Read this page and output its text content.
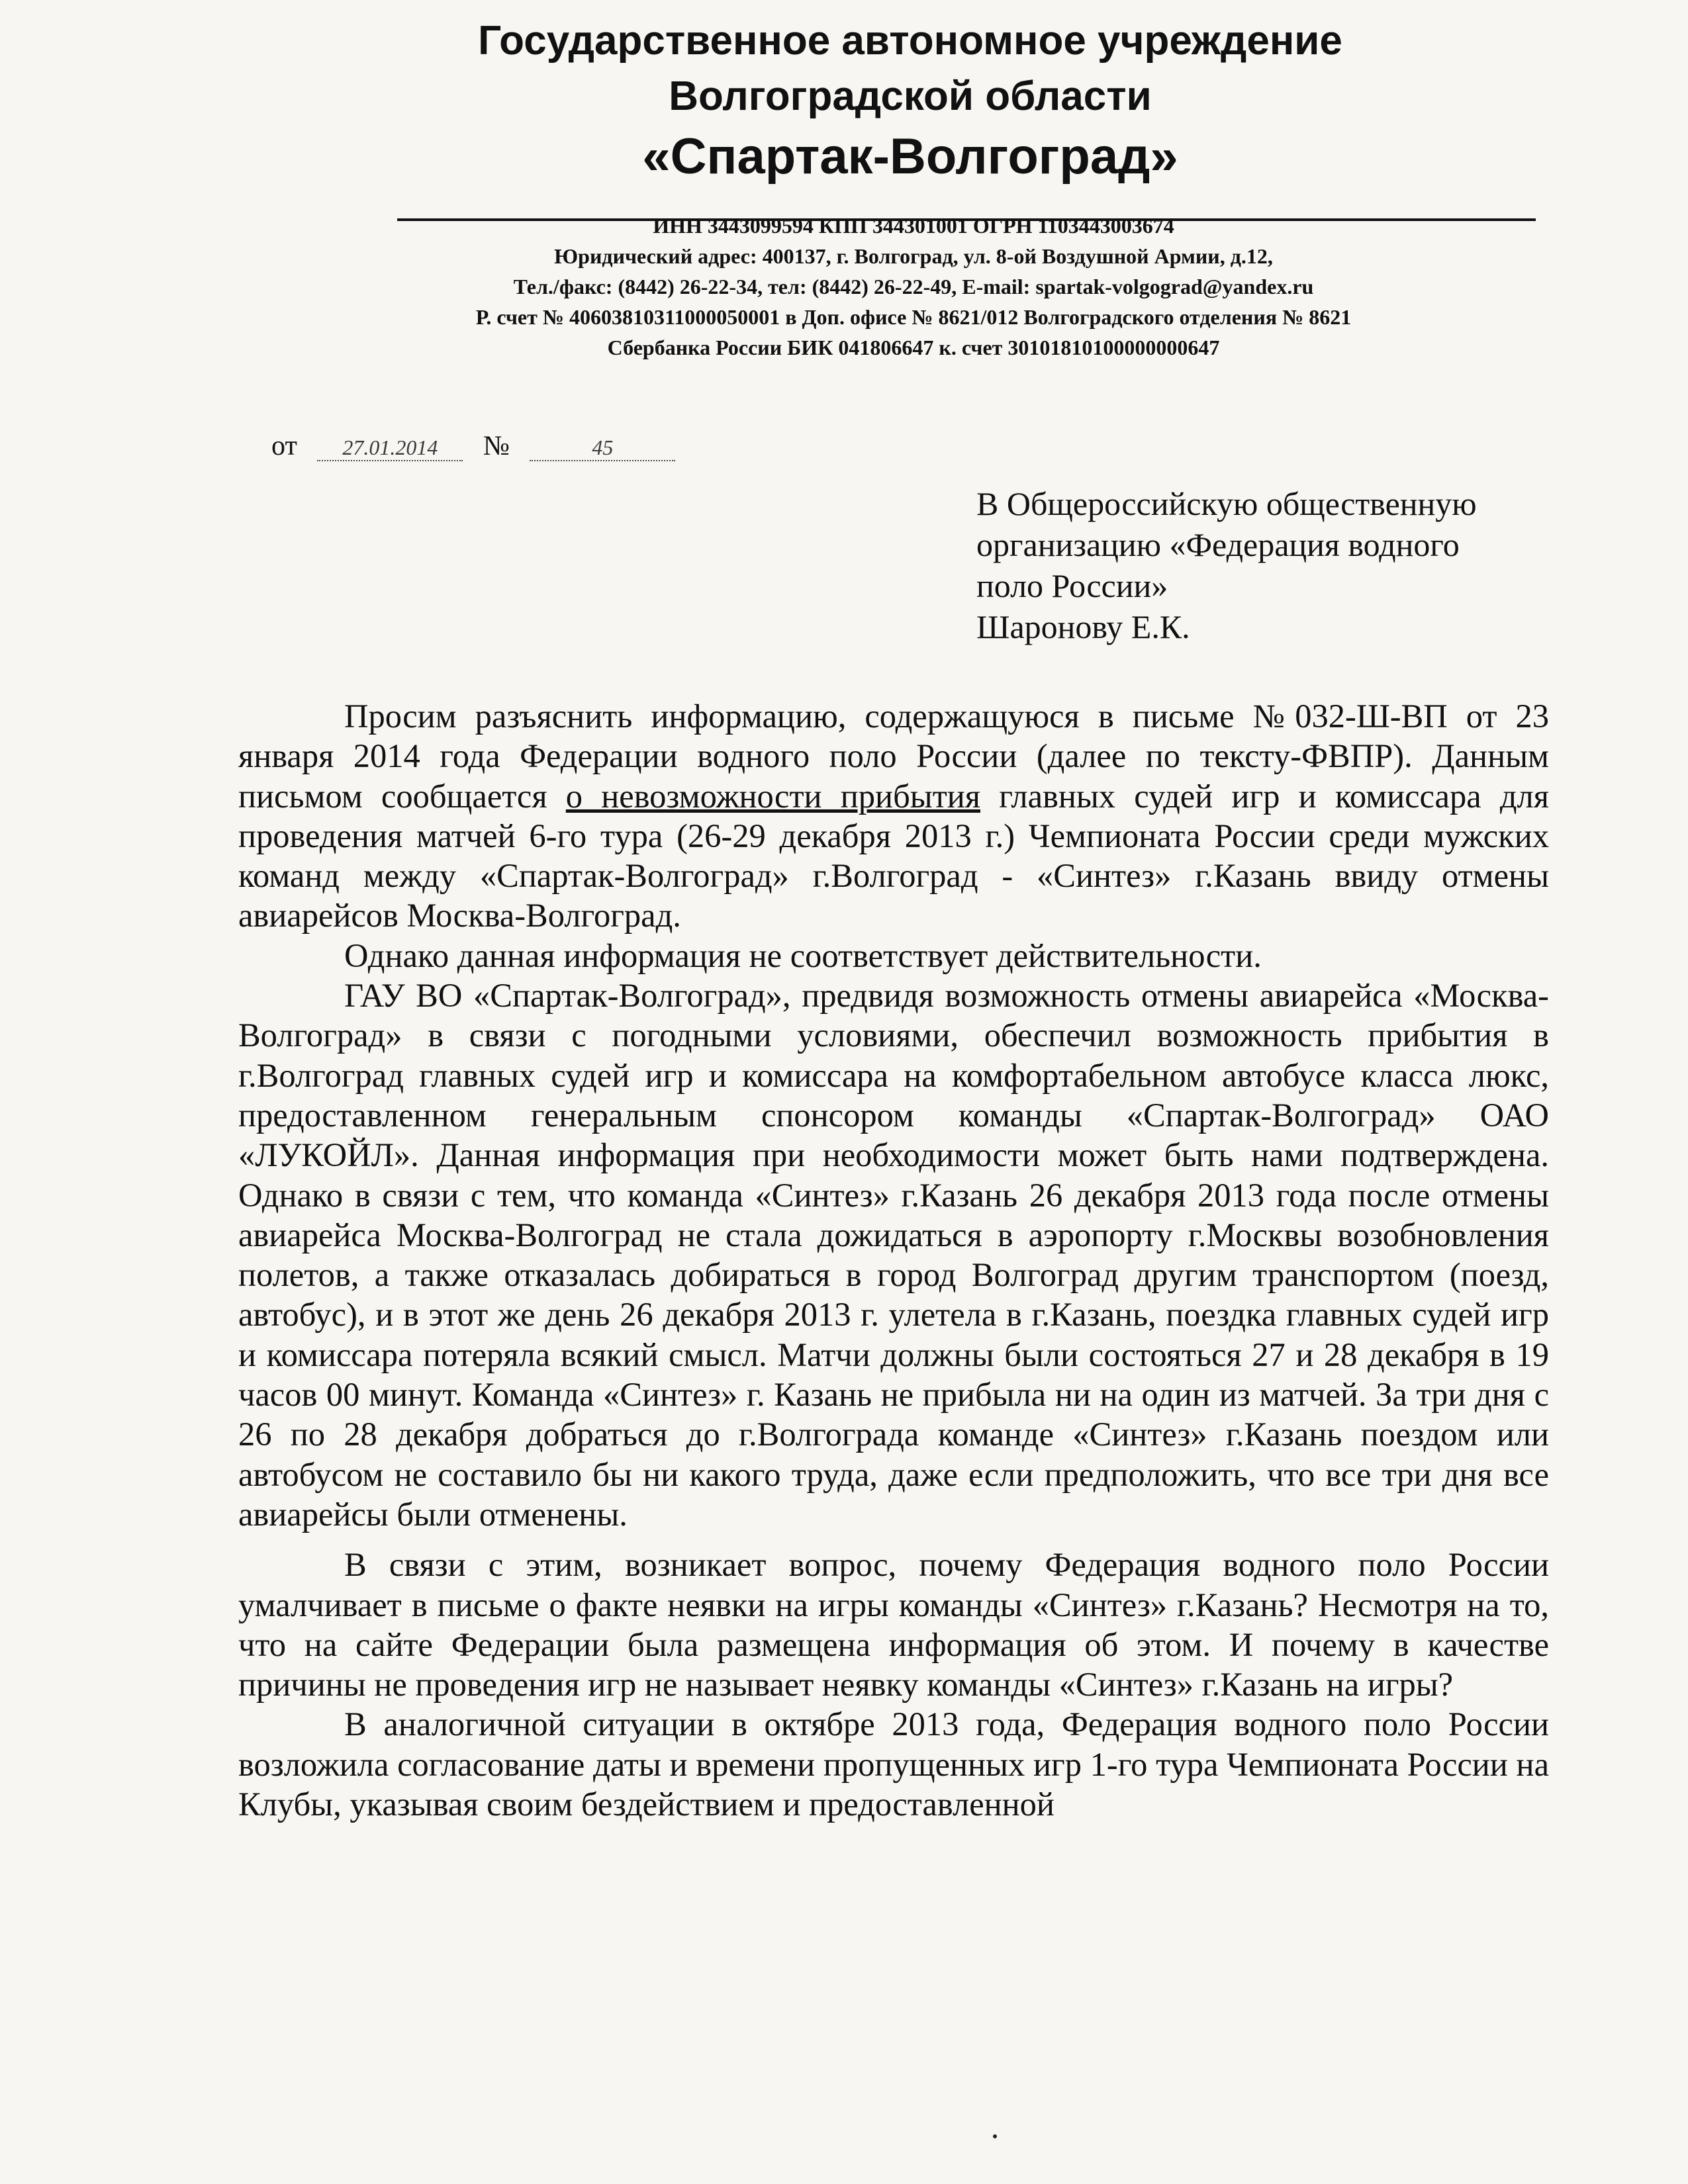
Государственное автономное учреждение
Волгоградской области
«Спартак-Волгоград»
ИНН 3443099594 КПП 344301001 ОГРН 1103443003674
Юридический адрес: 400137, г. Волгоград, ул. 8-ой Воздушной Армии, д.12,
Тел./факс: (8442) 26-22-34, тел: (8442) 26-22-49, E-mail: spartak-volgograd@yandex.ru
Р. счет № 40603810311000050001 в Доп. офисе № 8621/012 Волгоградского отделения № 8621
Сбербанка России БИК 041806647 к. счет 30101810100000000647
от 27.01.2014 №	45
В Общероссийскую общественную
организацию «Федерация водного
поло России»
Шаронову Е.К.

Просим разъяснить информацию, содержащуюся в письме №032-Ш-ВП от 23 января 2014 года Федерации водного поло России (далее по тексту-ФВПР). Данным письмом сообщается о невозможности прибытия главных судей игр и комиссара для проведения матчей 6-го тура (26-29 декабря 2013 г.) Чемпионата России среди мужских команд между «Спартак-Волгоград» г.Волгоград - «Синтез» г.Казань ввиду отмены авиарейсов Москва-Волгоград.

Однако данная информация не соответствует действительности.

ГАУ ВО «Спартак-Волгоград», предвидя возможность отмены авиарейса «Москва-Волгоград» в связи с погодными условиями, обеспечил возможность прибытия в г.Волгоград главных судей игр и комиссара на комфортабельном автобусе класса люкс, предоставленном генеральным спонсором команды «Спартак-Волгоград» ОАО «ЛУКОЙЛ». Данная информация при необходимости может быть нами подтверждена. Однако в связи с тем, что команда «Синтез» г.Казань 26 декабря 2013 года после отмены авиарейса Москва-Волгоград не стала дожидаться в аэропорту г.Москвы возобновления полетов, а также отказалась добираться в город Волгоград другим транспортом (поезд, автобус), и в этот же день 26 декабря 2013 г. улетела в г.Казань, поездка главных судей игр и комиссара потеряла всякий смысл. Матчи должны были состояться 27 и 28 декабря в 19 часов 00 минут. Команда «Синтез» г. Казань не прибыла ни на один из матчей. За три дня с 26 по 28 декабря добраться до г.Волгограда команде «Синтез» г.Казань поездом или автобусом не составило бы ни какого труда, даже если предположить, что все три дня все авиарейсы были отменены.

В связи с этим, возникает вопрос, почему Федерация водного поло России умалчивает в письме о факте неявки на игры команды «Синтез» г.Казань? Несмотря на то, что на сайте Федерации была размещена информация об этом. И почему в качестве причины не проведения игр не называет неявку команды «Синтез» г.Казань на игры?

В аналогичной ситуации в октябре 2013 года, Федерация водного поло России возложила согласование даты и времени пропущенных игр 1-го тура Чемпионата России на Клубы, указывая своим бездействием и предоставленной
